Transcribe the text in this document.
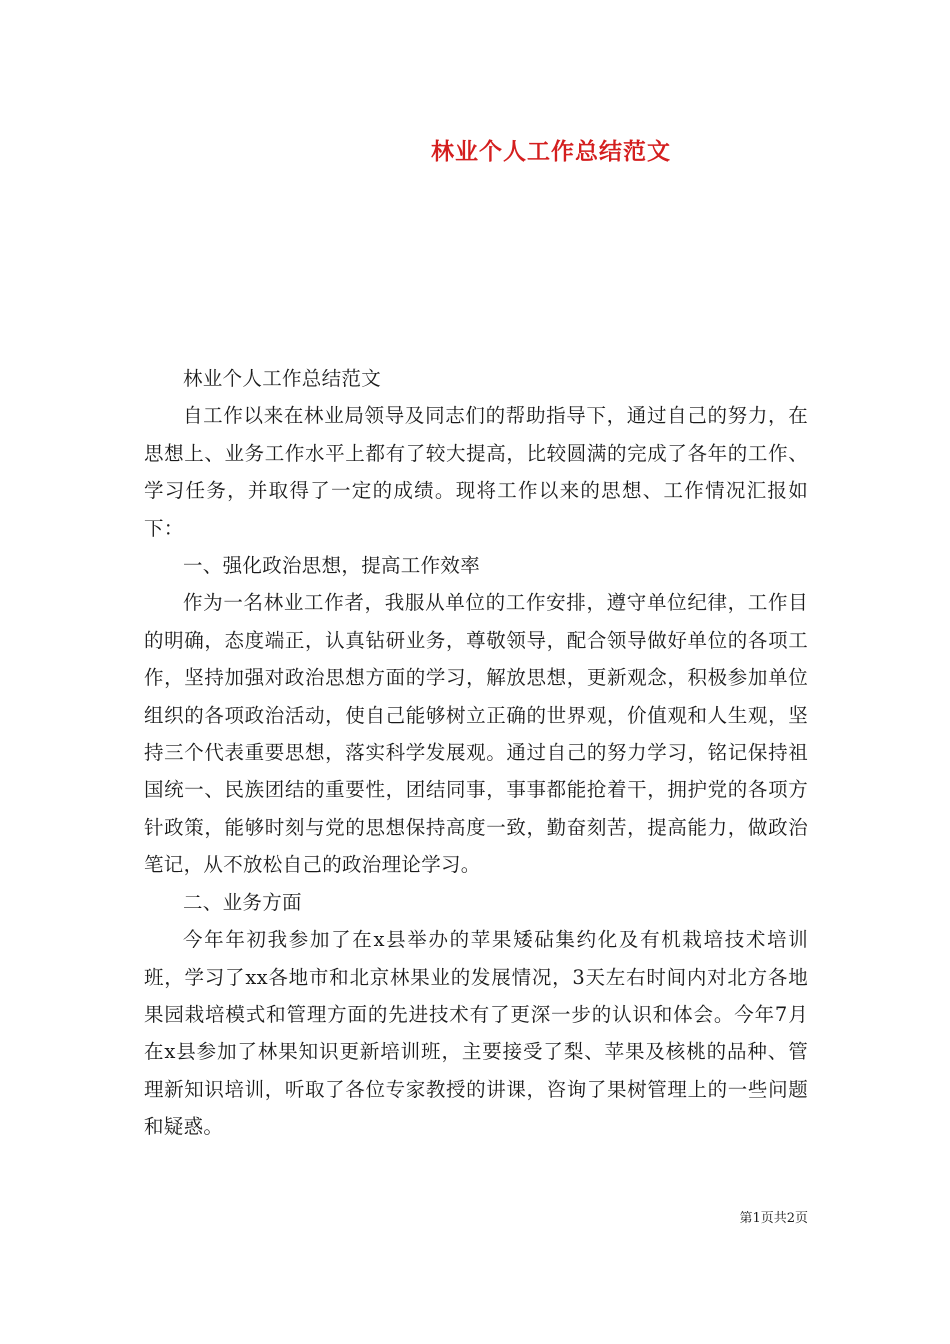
林业个人工作总结范文

林业个人工作总结范文

自工作以来在林业局领导及同志们的帮助指导下，通过自己的努力，在思想上、业务工作水平上都有了较大提高，比较圆满的完成了各年的工作、学习任务，并取得了一定的成绩。现将工作以来的思想、工作情况汇报如下：

一、强化政治思想，提高工作效率

作为一名林业工作者，我服从单位的工作安排，遵守单位纪律，工作目的明确，态度端正，认真钻研业务，尊敬领导，配合领导做好单位的各项工作，坚持加强对政治思想方面的学习，解放思想，更新观念，积极参加单位组织的各项政治活动，使自己能够树立正确的世界观，价值观和人生观，坚持三个代表重要思想，落实科学发展观。通过自己的努力学习，铭记保持祖国统一、民族团结的重要性，团结同事，事事都能抢着干，拥护党的各项方针政策，能够时刻与党的思想保持高度一致，勤奋刻苦，提高能力，做政治笔记，从不放松自己的政治理论学习。

二、业务方面

今年年初我参加了在x县举办的苹果矮砧集约化及有机栽培技术培训班，学习了xx各地市和北京林果业的发展情况，3天左右时间内对北方各地果园栽培模式和管理方面的先进技术有了更深一步的认识和体会。今年7月在x县参加了林果知识更新培训班，主要接受了梨、苹果及核桃的品种、管理新知识培训，听取了各位专家教授的讲课，咨询了果树管理上的一些问题和疑惑。

第1页共2页
